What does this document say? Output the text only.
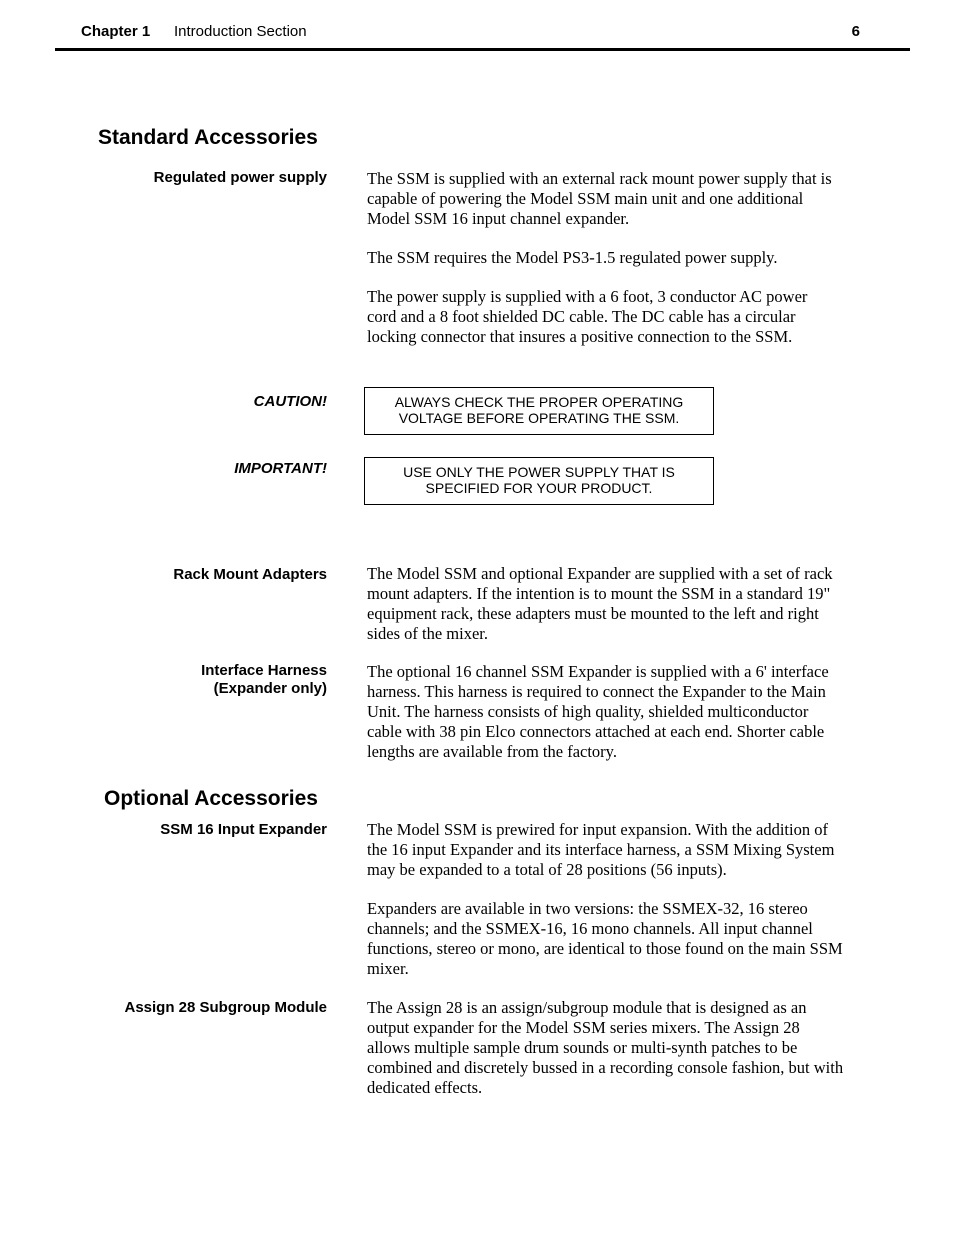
Chapter 1 Introduction Section	6
Standard Accessories
Regulated power supply The SSM is supplied with an external rack mount power supply that is
capable of powering the Model SSM main unit and one additional
Model SSM 16 input channel expander.
The SSM requires the Model PS3-1.5 regulated power supply.
The power supply is supplied with a 6 foot, 3 conductor AC power
cord and a 8 foot shielded DC cable. The DC cable has a circular
locking connector that insures a positive connection to the SSM.
CAUTION!	ALWAYS CHECK THE PROPER OPERATING
VOLTAGE BEFORE OPERATING THE SSM.
IMPORTANT!	USE ONLY THE POWER SUPPLY THAT IS
SPECIFIED FOR YOUR PRODUCT.
Rack Mount Adapters The Model SSM and optional Expander are supplied with a set of rack
mount adapters. If the intention is to mount the SSM in a standard 19"
equipment rack, these adapters must be mounted to the left and right
sides of the mixer.
Interface Harness
(Expander only)
The optional 16 channel SSM Expander is supplied with a 6' interface
harness. This harness is required to connect the Expander to the Main
Unit. The harness consists of high quality, shielded multiconductor
cable with 38 pin Elco connectors attached at each end. Shorter cable
lengths are available from the factory.
Optional Accessories
SSM 16 Input Expander The Model SSM is prewired for input expansion. With the addition of
the 16 input Expander and its interface harness, a SSM Mixing System
may be expanded to a total of 28 positions (56 inputs).
Expanders are available in two versions: the SSMEX-32, 16 stereo
channels; and the SSMEX-16, 16 mono channels. All input channel
functions, stereo or mono, are identical to those found on the main SSM
mixer.
Assign 28 Subgroup Module The Assign 28 is an assign/subgroup module that is designed as an
output expander for the Model SSM series mixers. The Assign 28
allows multiple sample drum sounds or multi-synth patches to be
combined and discretely bussed in a recording console fashion, but with
dedicated effects.
